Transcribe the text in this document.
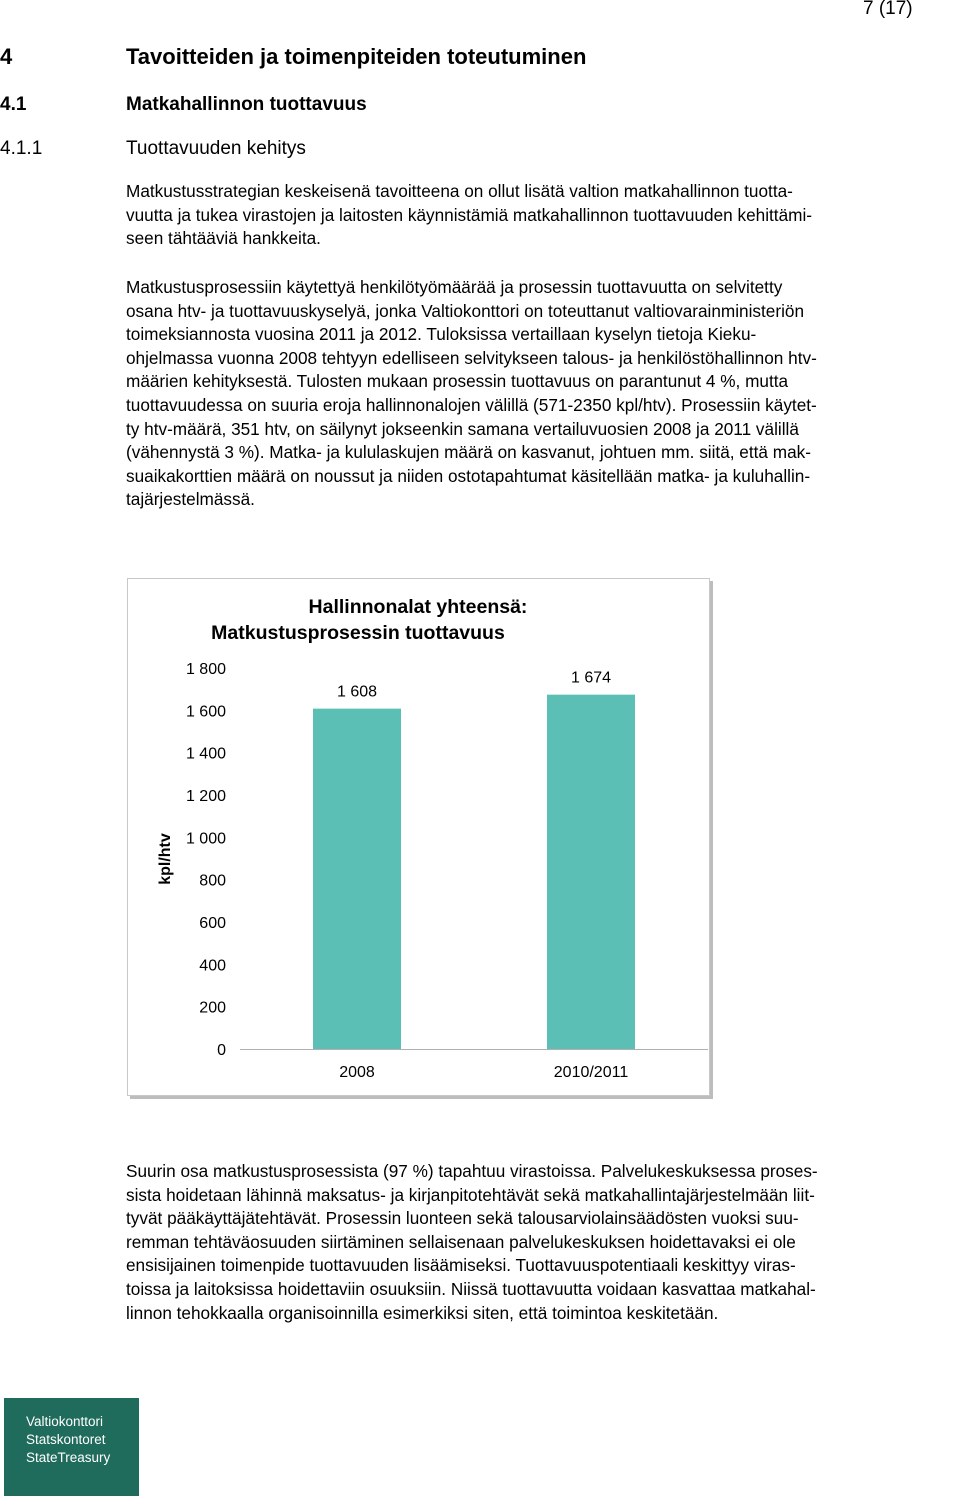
7 (17)
4	Tavoitteiden ja toimenpiteiden toteutuminen
4.1	Matkahallinnon tuottavuus
4.1.1	Tuottavuuden kehitys
Matkustusstrategian keskeisenä tavoitteena on ollut lisätä valtion matkahallinnon tuotta-
vuutta ja tukea virastojen ja laitosten käynnistämiä matkahallinnon tuottavuuden kehittämi-
seen tähtääviä hankkeita.
Matkustusprosessiin käytettyä henkilötyömäärää ja prosessin tuottavuutta on selvitetty
osana htv- ja tuottavuuskyselyä, jonka Valtiokonttori on toteuttanut valtiovarainministeriön
toimeksiannosta vuosina 2011 ja 2012. Tuloksissa vertaillaan kyselyn tietoja Kieku-
ohjelmassa vuonna 2008 tehtyyn edelliseen selvitykseen talous- ja henkilöstöhallinnon htv-
määrien kehityksestä. Tulosten mukaan prosessin tuottavuus on parantunut 4 %, mutta
tuottavuudessa on suuria eroja hallinnonalojen välillä (571-2350 kpl/htv). Prosessiin käytet-
ty htv-määrä, 351 htv, on säilynyt jokseenkin samana vertailuvuosien 2008 ja 2011 välillä
(vähennystä 3 %). Matka- ja kululaskujen määrä on kasvanut, johtuen mm. siitä, että mak-
suaikakorttien määrä on noussut ja niiden ostotapahtumat käsitellään matka- ja kuluhallin-
tajärjestelmässä.
Hallinnonalat yhteensä:
Matkustusprosessin tuottavuus
kpl/htv
0
200
400
600
800
1 000
1 200
1 400
1 600
1 800
1 608
1 674
2008	2010/2011
Suurin osa matkustusprosessista (97 %) tapahtuu virastoissa. Palvelukeskuksessa proses-
sista hoidetaan lähinnä maksatus- ja kirjanpitotehtävät sekä matkahallintajärjestelmään liit-
tyvät pääkäyttäjätehtävät. Prosessin luonteen sekä talousarviolainsäädösten vuoksi suu-
remman tehtäväosuuden siirtäminen sellaisenaan palvelukeskuksen hoidettavaksi ei ole
ensisijainen toimenpide tuottavuuden lisäämiseksi. Tuottavuuspotentiaali keskittyy viras-
toissa ja laitoksissa hoidettaviin osuuksiin. Niissä tuottavuutta voidaan kasvattaa matkahal-
linnon tehokkaalla organisoinnilla esimerkiksi siten, että toimintoa keskitetään.
Valtiokonttori
Statskontoret
StateTreasury
